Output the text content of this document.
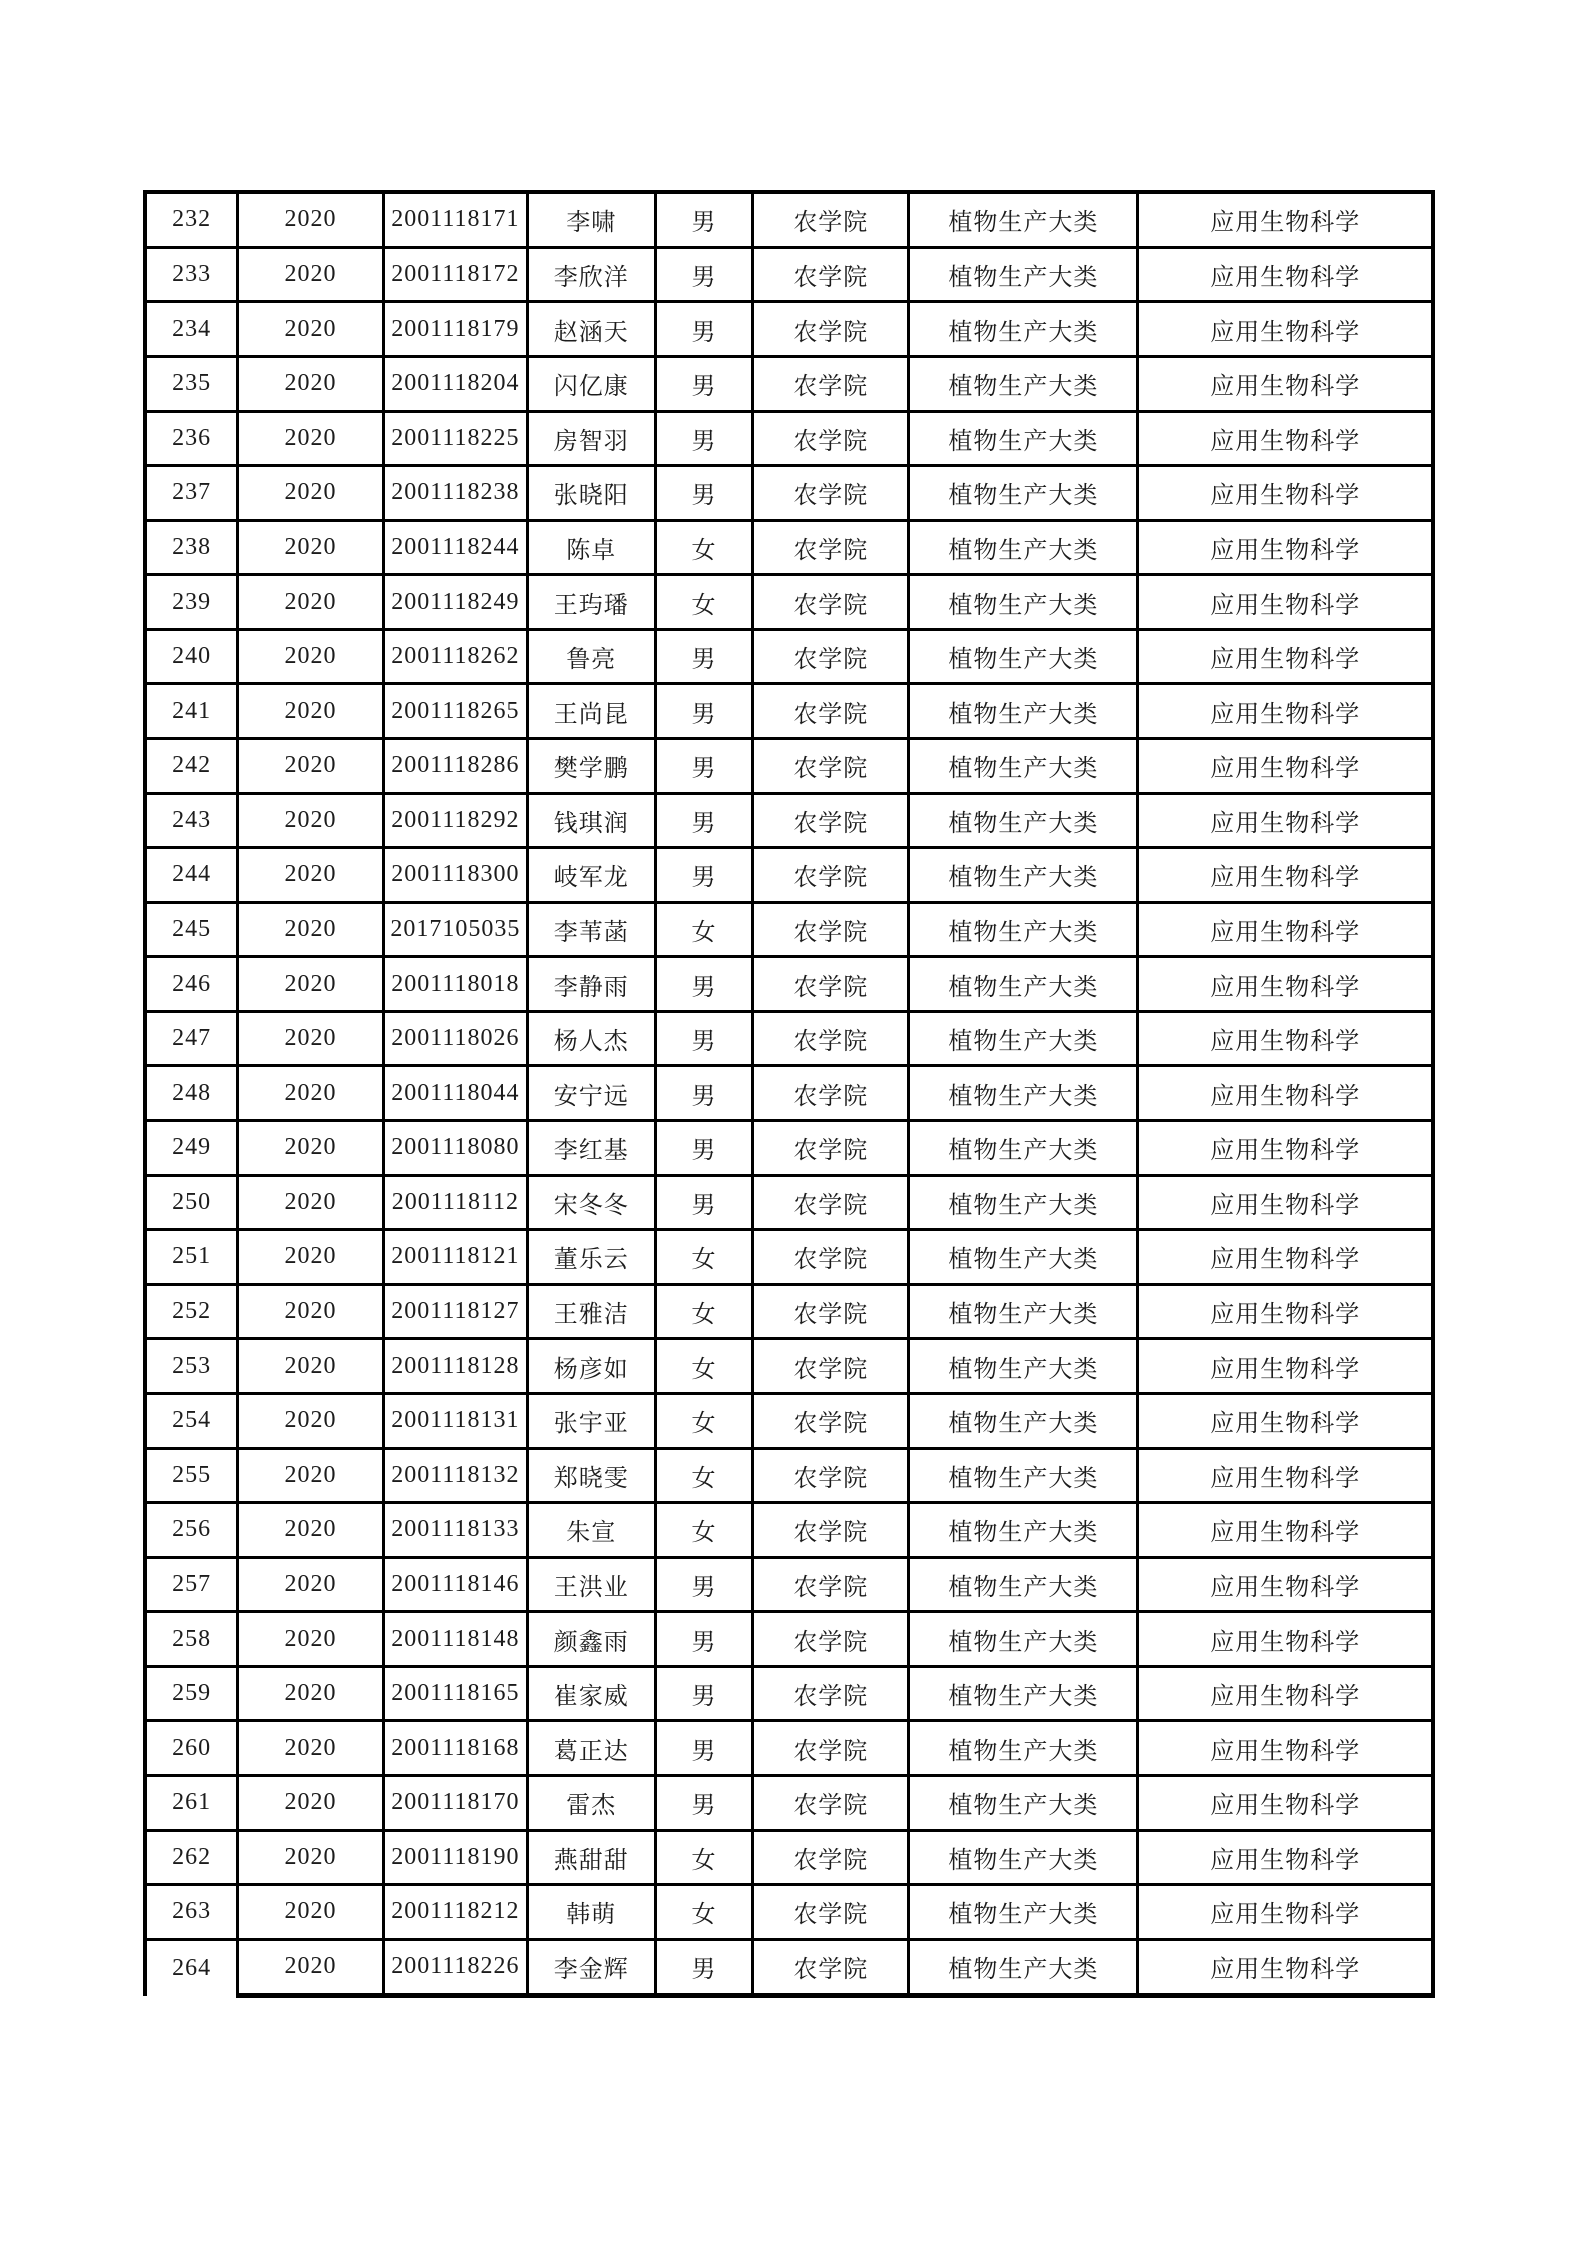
232	2020	2001118171	李啸	男	农学院	植物生产大类	应用生物科学
233	2020	2001118172	李欣洋	男	农学院	植物生产大类	应用生物科学
234	2020	2001118179	赵涵天	男	农学院	植物生产大类	应用生物科学
235	2020	2001118204	闪亿康	男	农学院	植物生产大类	应用生物科学
236	2020	2001118225	房智羽	男	农学院	植物生产大类	应用生物科学
237	2020	2001118238	张晓阳	男	农学院	植物生产大类	应用生物科学
238	2020	2001118244	陈卓	女	农学院	植物生产大类	应用生物科学
239	2020	2001118249	王玙璠	女	农学院	植物生产大类	应用生物科学
240	2020	2001118262	鲁亮	男	农学院	植物生产大类	应用生物科学
241	2020	2001118265	王尚昆	男	农学院	植物生产大类	应用生物科学
242	2020	2001118286	樊学鹏	男	农学院	植物生产大类	应用生物科学
243	2020	2001118292	钱琪润	男	农学院	植物生产大类	应用生物科学
244	2020	2001118300	岐军龙	男	农学院	植物生产大类	应用生物科学
245	2020	2017105035	李苇菡	女	农学院	植物生产大类	应用生物科学
246	2020	2001118018	李静雨	男	农学院	植物生产大类	应用生物科学
247	2020	2001118026	杨人杰	男	农学院	植物生产大类	应用生物科学
248	2020	2001118044	安宁远	男	农学院	植物生产大类	应用生物科学
249	2020	2001118080	李红基	男	农学院	植物生产大类	应用生物科学
250	2020	2001118112	宋冬冬	男	农学院	植物生产大类	应用生物科学
251	2020	2001118121	董乐云	女	农学院	植物生产大类	应用生物科学
252	2020	2001118127	王雅洁	女	农学院	植物生产大类	应用生物科学
253	2020	2001118128	杨彦如	女	农学院	植物生产大类	应用生物科学
254	2020	2001118131	张宇亚	女	农学院	植物生产大类	应用生物科学
255	2020	2001118132	郑晓雯	女	农学院	植物生产大类	应用生物科学
256	2020	2001118133	朱宣	女	农学院	植物生产大类	应用生物科学
257	2020	2001118146	王洪业	男	农学院	植物生产大类	应用生物科学
258	2020	2001118148	颜鑫雨	男	农学院	植物生产大类	应用生物科学
259	2020	2001118165	崔家威	男	农学院	植物生产大类	应用生物科学
260	2020	2001118168	葛正达	男	农学院	植物生产大类	应用生物科学
261	2020	2001118170	雷杰	男	农学院	植物生产大类	应用生物科学
262	2020	2001118190	燕甜甜	女	农学院	植物生产大类	应用生物科学
263	2020	2001118212	韩萌	女	农学院	植物生产大类	应用生物科学
264	2020	2001118226	李金辉	男	农学院	植物生产大类	应用生物科学
